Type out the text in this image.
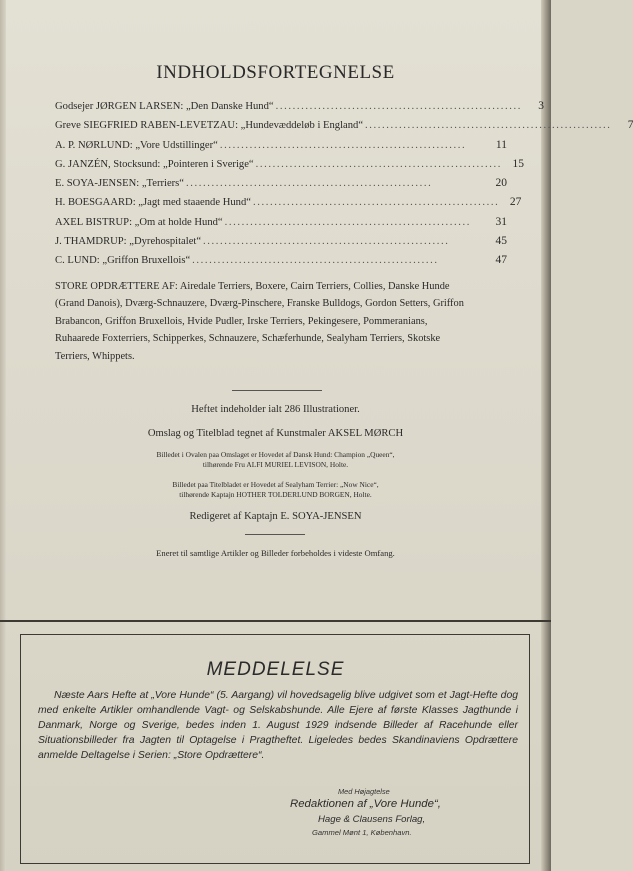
INDHOLDSFORTEGNELSE
Godsejer JØRGEN LARSEN: „Den Danske Hund“ ..........................................................	3
Greve SIEGFRIED RABEN-LEVETZAU: „Hundevæddeløb i England“ ..........................................................	7
A. P. NØRLUND: „Vore Udstillinger“ ..........................................................	11
G. JANZÉN, Stocksund: „Pointeren i Sverige“ .......................................................... 15
E. SOYA-JENSEN: „Terriers“ ..........................................................	20
H. BOESGAARD: „Jagt med staaende Hund“ .......................................................... 27
AXEL BISTRUP: „Om at holde Hund“ ..........................................................	31
J. THAMDRUP: „Dyrehospitalet“ ..........................................................	45
C. LUND: „Griffon Bruxellois“ ..........................................................	47
STORE OPDRÆTTERE AF: Airedale Terriers, Boxere, Cairn Terriers, Collies, Danske Hunde (Grand Danois), Dværg-Schnauzere, Dværg-Pinschere, Franske Bulldogs, Gordon Setters, Griffon Brabancon, Griffon Bruxellois, Hvide Pudler, Irske Terriers, Pekingesere, Pommeranians, Ruhaarede Foxterriers, Schipperkes, Schnauzere, Schæferhunde, Sealyham Terriers, Skotske Terriers, Whippets.
Heftet indeholder ialt 286 Illustrationer.
Omslag og Titelblad tegnet af Kunstmaler AKSEL MØRCH
Billedet i Ovalen paa Omslaget er Hovedet af Dansk Hund: Champion „Queen“,
tilhørende Fru ALFI MURIEL LEVISON, Holte.
Billedet paa Titelbladet er Hovedet af Sealyham Terrier: „Now Nice“,
tilhørende Kaptajn HOTHER TOLDERLUND BORGEN, Holte.
Redigeret af Kaptajn E. SOYA-JENSEN
Eneret til samtlige Artikler og Billeder forbeholdes i videste Omfang.
MEDDELELSE
Næste Aars Hefte at „Vore Hunde“ (5. Aargang) vil hovedsagelig blive udgivet som et Jagt-Hefte dog med enkelte Artikler omhandlende Vagt- og Selskabshunde. Alle Ejere af første Klasses Jagthunde i Danmark, Norge og Sverige, bedes inden 1. August 1929 indsende Billeder af Racehunde eller Situationsbilleder fra Jagten til Optagelse i Pragtheftet. Ligeledes bedes Skandinaviens Opdrættere anmelde Deltagelse i Serien: „Store Opdrættere“.
Med Højagtelse
Redaktionen af „Vore Hunde“,
Hage & Clausens Forlag,
Gammel Mønt 1, København.
